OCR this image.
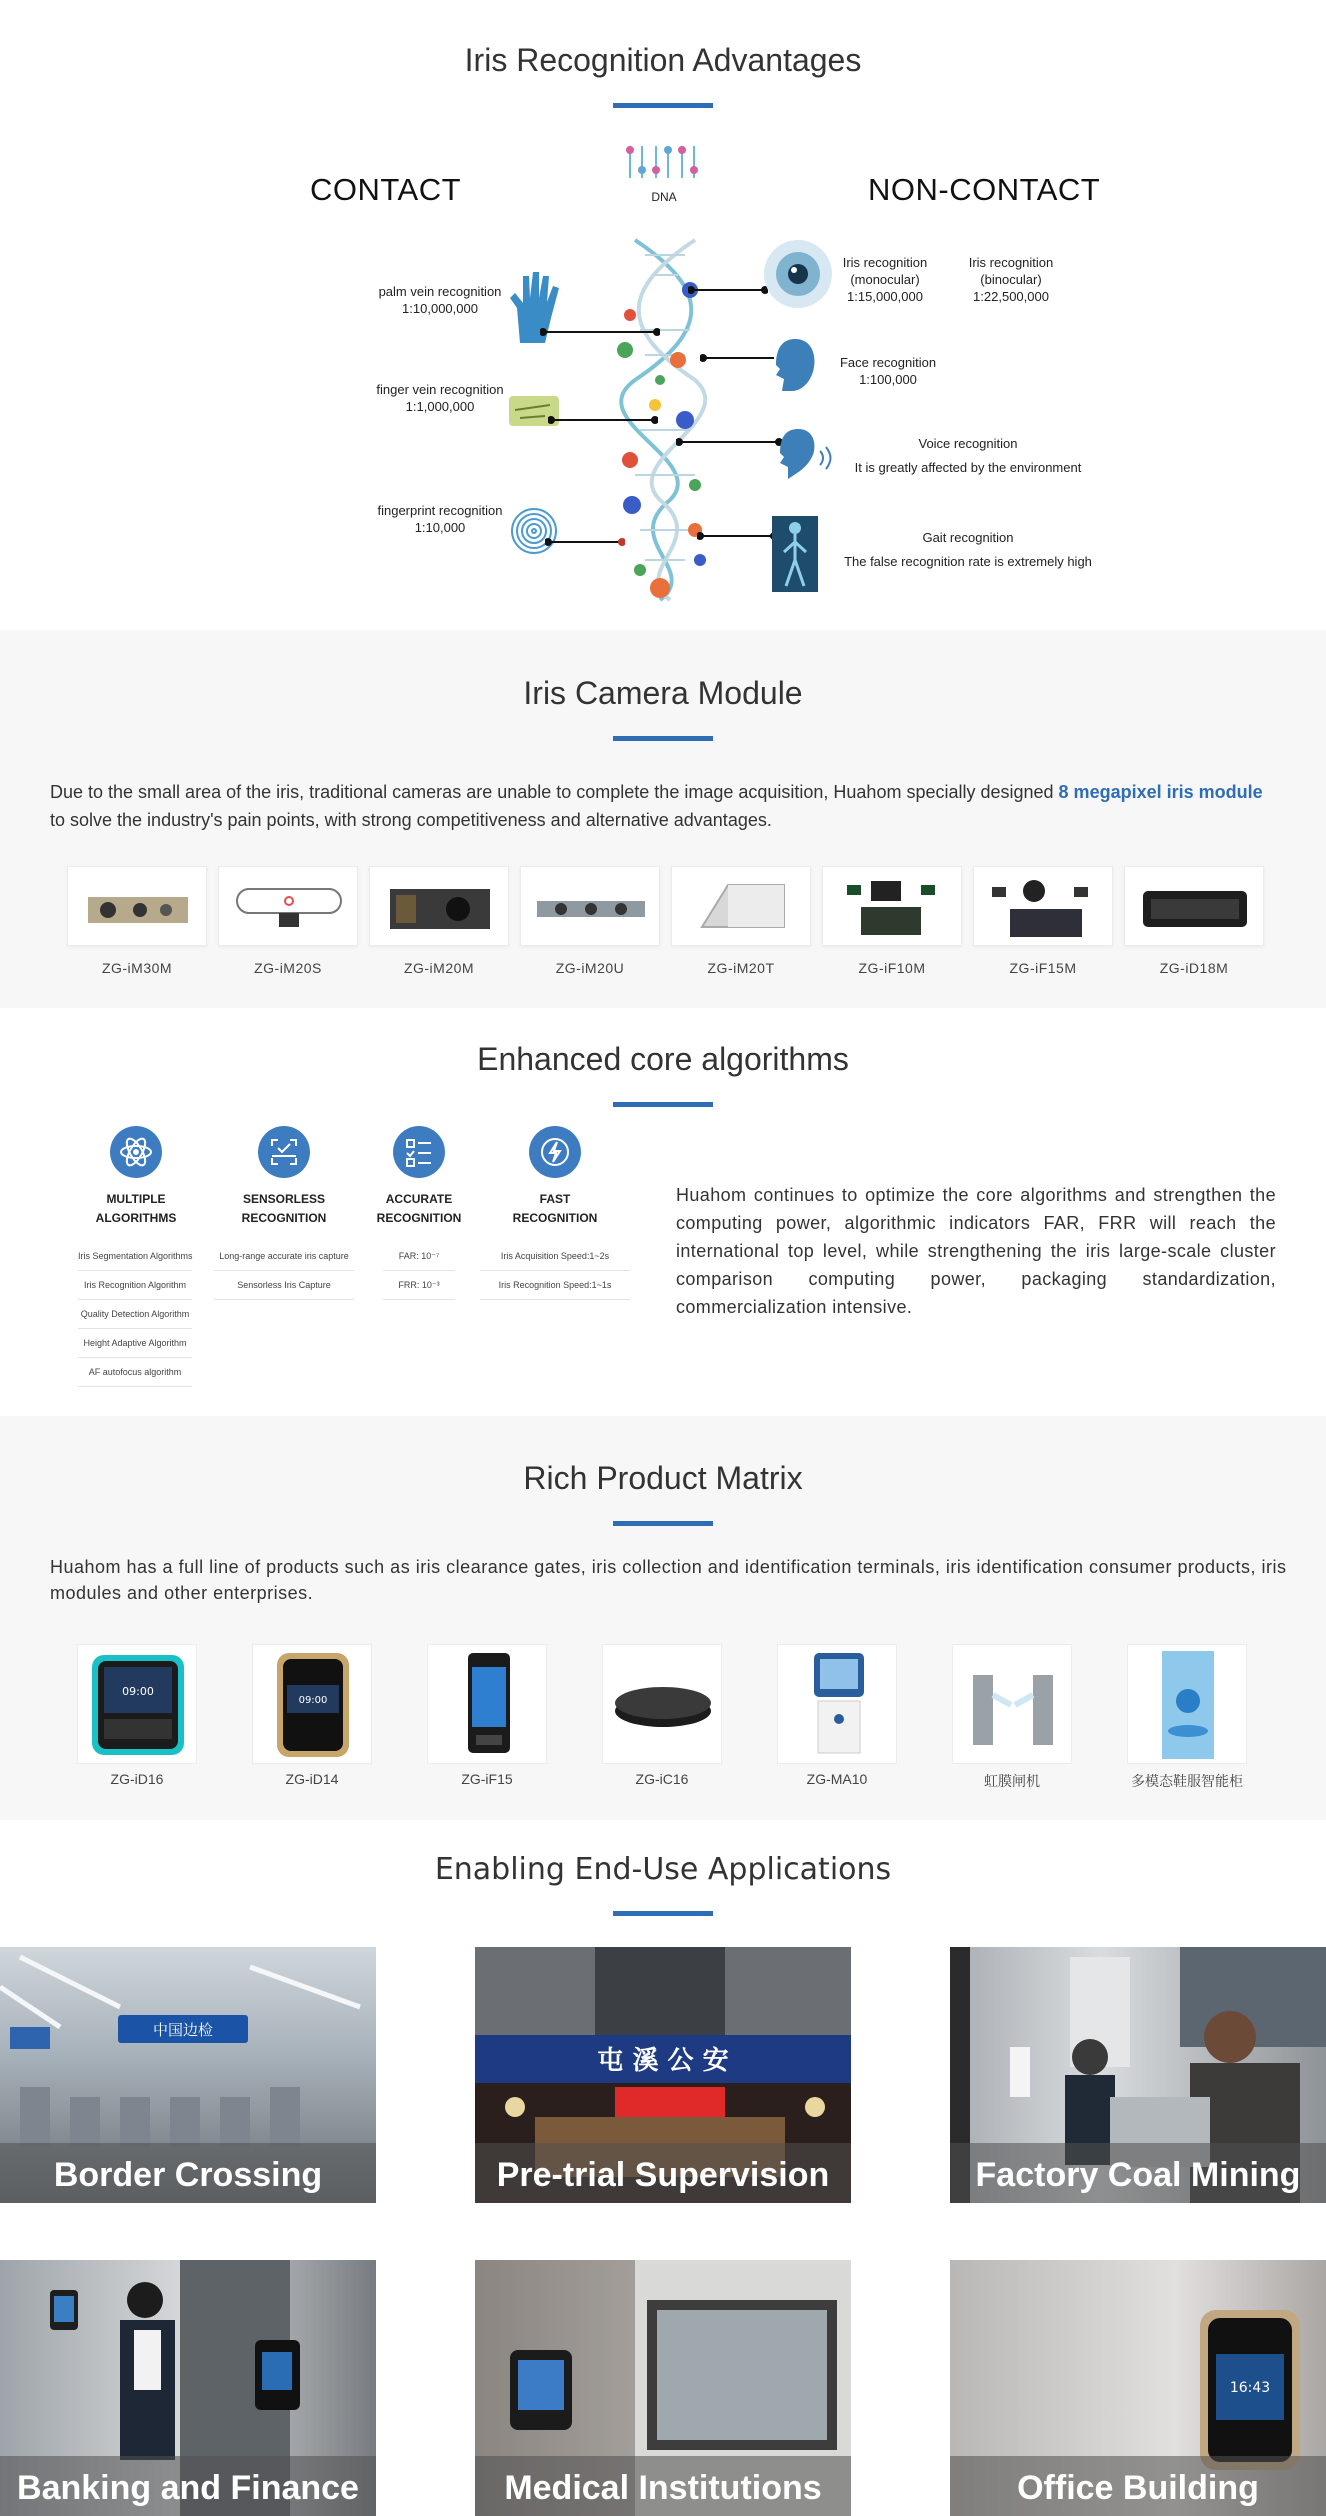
Iris Recognition Advantages
CONTACT	NON-CONTACT
DNA
palm vein recognition
1:10,000,000
finger vein recognition
1:1,000,000
fingerprint recognition
1:10,000
Iris recognition
(monocular)
1:15,000,000
Iris recognition
(binocular)
1:22,500,000
Face recognition
1:100,000
Voice recognition
It is greatly affected by the environment
Gait recognition
The false recognition rate is extremely high
Iris Camera Module
Due to the small area of the iris, traditional cameras are unable to complete the image acquisition, Huahom specially designed 8 megapixel iris module to solve the industry's pain points, with strong competitiveness and alternative advantages.
ZG-iM30M	ZG-iM20S	ZG-iM20M	ZG-iM20U	ZG-iM20T	ZG-iF10M	ZG-iF15M	ZG-iD18M
Enhanced core algorithms
MULTIPLE
ALGORITHMS
Iris Segmentation Algorithms
Iris Recognition Algorithm
Quality Detection Algorithm
Height Adaptive Algorithm
AF autofocus algorithm
SENSORLESS
RECOGNITION
Long-range accurate iris capture
Sensorless Iris Capture
ACCURATE
RECOGNITION
FAR: 10⁻⁷
FRR: 10⁻³
FAST
RECOGNITION
Iris Acquisition Speed:1~2s
Iris Recognition Speed:1~1s
Huahom continues to optimize the core algorithms and strengthen the computing power, algorithmic indicators FAR, FRR will reach the international top level, while strengthening the iris large-scale cluster comparison computing power, packaging standardization, commercialization intensive.
Rich Product Matrix
Huahom has a full line of products such as iris clearance gates, iris collection and identification terminals, iris identification consumer products, iris modules and other enterprises.
09:00
ZG-iD16
09:00
ZG-iD14	ZG-iF15	ZG-iC16	ZG-MA10	虹膜闸机	多模态鞋服智能柜
Enabling End-Use Applications
中国边检
Border Crossing
屯 溪 公 安
Pre-trial Supervision	Factory Coal Mining
Banking and Finance	Medical Institutions
16:43
Office Building
